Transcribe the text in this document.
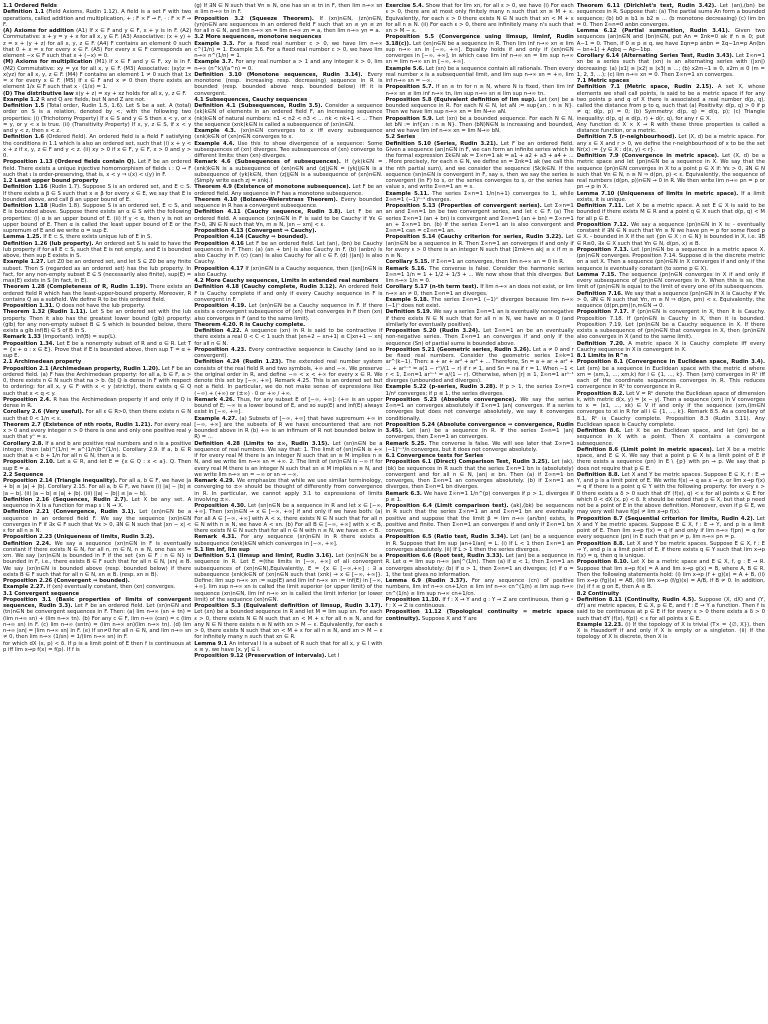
1.1 Ordered fields

Definition 1.1 (Field Axioms, Rudin 1.12). A field is a set F with two operations, called addition and multiplication, + : F × F → F, · : F × F → F.

(A) Axioms for addition (A1) If x ∈ F and y ∈ F, x + y is in F. (A2) Commutative: x + y = y + x for all x, y ∈ F. (A3) Associative: (x + y) + z = x + (y + z) for all x, y, z ∈ F. (A4) F contains an element 0 such that 0 + x = x for every x ∈ F. (A5) For every x ∈ F corresponds an element −x ∈ F such that x + (−x) = 0.

(M) Axioms for multiplication (M1) If x ∈ F and y ∈ F, xy is in F. (M2) Commutative: xy = yx for all x, y ∈ F. (M3) Associative: (xy)z = x(yz) for all x, y, z ∈ F. (M4) F contains an element 1 ≠ 0 such that 1x = x for every x ∈ F. (M5) If x ∈ F and x ≠ 0 then there exists an element 1/x ∈ F such that x · (1/x) = 1.

(D) The distributive law x(y + z) = xy + xz holds for all x, y, z ∈ F.

Example 1.2 R and Q are fields, but N and Z are not.

Definition 1.5 (Total order, Rudin 1.5, 1.6). Let S be a set. A (total) order on S is a relation, denoted by <, with the following two properties: (i) (Trichotomy Property) If x ∈ S and y ∈ S then x < y, or x = y, or y < x is true. (ii) (Transitivity Property) If x, y, z ∈ S, if x < y and y < z, then x < z.

Definition 1.6 (Ordered field). An ordered field is a field F satisfying the conditions in 1.1 which is also an ordered set, such that (i) x + y < x + z if x, y, z ∈ F and y < z. (ii) xy > 0 if x ∈ F, y ∈ F, x > 0 and y > 0.

Proposition 1.13 (Ordered fields contain Q). Let F be an ordered field. There exists a unique injective homomorphism of fields ι : Q → F such that ι is order-preserving, that is, x < y ⇒ ι(x) < ι(y) in F.

1.2 Least upper bound property

Definition 1.16 (Rudin 1.7). Suppose S is an ordered set, and E ⊂ S. If there exists a β ∈ S such that x ≤ β for every x ∈ E, we say that E is bounded above, and call β an upper bound of E.

Definition 1.18 (Rudin 1.8). Suppose S is an ordered set, E ⊂ S, and E is bounded above. Suppose there exists an α ∈ S with the following properties: (i) α is an upper bound of E. (ii) If γ < α, then γ is not an upper bound of E. Then α is called the least upper bound of E or the supremum of E and we write α = sup E.

Lemma 1.25. If E ⊂ S, there exists unique lub of E in S.

Definition 1.26 (lub property). An ordered set S is said to have the lub property if for all E ⊂ S, such that E is not empty, and E is bounded above, then sup E exists in S.

Example 1.27. Let Z0 be an ordered set, and let S ⊆ Z0 be any finite subset. Then S (regarded as an ordered set) has the lub property. In fact, for any non-empty subset E ⊆ S (necessarily also finite), sup(E) = max(E) exists in S (in fact, in E).

Theorem 1.28 (Completeness of R, Rudin 1.19). There exists an ordered field R which has the least-upper-bound property. Moreover, R contains Q as a subfield. We define R to be this ordered field.

Proposition 1.31. Q does not have the lub property.

Theorem 1.32 (Rudin 1.11). Let S be an ordered set with the lub property. Then it also has the greatest lower bound (glb) property: (glb) for any non-empty subset B ⊆ S which is bounded below, there exists a glb inf(B) ∈ S of B in S.

Remark 1.33 (Important). inf(B) = sup(L).

Proposition 1.34. Let E be a nonempty subset of R and α ∈ R. Let T = {x + α : x ∈ E}. Prove that if E is bounded above, then sup T = α + sup E.

2.1 Archimedean property

Proposition 2.1 (Archimedean property, Rudin 1.20). Let F be an ordered field. (a) F has the Archimedean property: for all a, b ∈ F, a > 0, there exists n ∈ N such that na > b. (b) Q is dense in F with respect to ordering: for all x, y ∈ F with x < y (strictly), there exists q ∈ Q such that x < q < y.

Proposition 2.4. R has the Archimedean property if and only if Q is dense in R.

Corollary 2.6 (Very useful). For all ε ∈ R>0, then there exists n ∈ N such that 0 < 1/n < ε.

Theorem 2.7 (Existence of nth roots, Rudin 1.21). For every real x > 0 and every integer n > 0 there is one and only one positive real y such that yⁿ = x.

Corollary 2.8. If a and b are positive real numbers and n is a positive integer, then (ab)^(1/n) = a^(1/n)b^(1/n). Corollary 2.9. If a, b ∈ R such that a < b + 1/n for all n ∈ N, then a ≤ b.

Proposition 2.10. Let a ∈ R, and let E = {x ∈ Q : x < a}. Q. Then sup E = a.

2.2 Sequence

Proposition 2.14 (Triangle inequality). For all a, b ∈ F, we have |a + b| ≤ |a| + |b|. Corollary 2.15. For all a, b ∈ F, we have (i) |a| − |b| ≤ |a − b|. (ii) |a − b| ≤ |a| + |b|. (iii) ||a| − |b|| ≤ |a − b|.

Definition 2.16 (Sequences, Rudin 2.7). Let X be any set. A sequence in X is a function for map s : N → X.

Definition 2.21 (Convergence, Rudin 3.1). Let (xn)n∈N be a sequence in an ordered field F. We say the sequence (xn)n∈N converges in F if ∃x ∈ F such that ∀ε > 0, ∃N ∈ N such that |xn − x| < ε for all n ≥ N.

Proposition 2.23 (Uniqueness of limits, Rudin 3.2).

Definition 2.24. We say a sequence (xn)n∈N in F is eventually constant if there exists N ∈ N, for all n, m ∈ N, n ≥ N, one has xn = xm. We say (xn)n∈N is bounded in F if the set {xn ∈ F : n ∈ N} is bounded in F, i.e., there exists B ∈ F such that for all n ∈ N, |xn| ≤ B. We say (xn)n∈N is bounded above (resp. bounded below) if there exists B ∈ F such that for all n ∈ N, xn ≤ B. (resp. xn ≥ B).

Proposition 2.26 (Convergent ⇒ bounded).

Example 2.27. If (xn) eventually constant, then (xn) converges.

3.1 Convergent sequence

Proposition 3.1 (Basic properties of limits of convergent sequences, Rudin 3.3). Let F be an ordered field. Let (sn)n∈N and (tn)n∈N be convergent sequences in F. Then: (a) lim n→∞ (sn + tn) = (lim n→∞ sn) + (lim n→∞ tn). (b) For any c ∈ F, lim n→∞ (csn) = c (lim n→∞ sn) in F. (c) lim n→∞ (sntn) = (lim n→∞ sn)(lim n→∞ tn). (d) lim n→∞ |sn| = |lim n→∞ sn| in F. (e) If sn≠0 for all n ∈ N, and lim n→∞ sn ≠ 0, then lim n→∞ (1/sn) = 1/(lim n→∞ sn) in F.

for which dX (x, p) < δ. If p is a limit point of E then f is continuous at p iff lim x→p f(x) = f(p). If f is

(g) If ∃N ∈ N such that ∀n ≥ N, one has sn ≤ tn in F, then lim n→∞ sn ≤ lim n→∞ tn in F.

Proposition 3.2 (Squeeze Theorem). If (xn)n∈N, (zn)n∈N, (yn)n∈N are sequences in an ordered field F such that xn ≤ yn ≤ zn for all n ∈ N, and lim n→∞ xn = lim n→∞ zn = a, then lim n→∞ yn = a.

3.2 More sequences, monotone sequences

Example 3.3. For a fixed real number c > 0, we have lim n→∞ c^(1/n) = 1. Example 3.6. For a fixed real number c > 0, we have lim n→∞ n^(1/n) = 1.

Example 3.7. For any real number a > 1 and any integer k > 0, lim n→∞ (n^k)/(a^n) = 0.

Definition 3.10 (Monotone sequences, Rudin 3.14). Every monotone (resp. increasing resp. decreasing) sequence in R is bounded (resp. bounded above resp. bounded below) iff it is convergent.

4.1 Subsequences, Cauchy sequences

Definition 4.1 (Subsequences, Rudin 3.5). Consider a sequence (xk)k∈N of elements in an ordered field F, an increasing sequence (nk)k∈N of natural numbers: n1 < n2 < n3 < ... nk < nk+1 < ... Then the sequence (xnk)k∈N is called a subsequence of (xn)n∈N.

Example 4.3. (xn)n∈N converges to x iff every subsequence (xnk)k∈N of (xn)n∈N converges to x.

Example 4.4. Use this to show divergence of a sequence: Some subsequences of (xn) diverges. Two subsequences of (xn) converge to different limits: then (xn) diverges.

Remark 4.6 (Subsequences of subsequences). If (yk)k∈N = (xnk)k∈N is a subsequence of (xn)n∈N and (zj)j∈N = (ykj)j∈N is a subsequence of (yk)k∈N, then (zj)j∈N is a subsequence of (xn)n∈N. (Simply write each zj = xnkj.)

Theorem 4.9 (Existence of monotone subsequence). Let F be an ordered field. Any sequence in F has a monotone subsequence.

Theorem 4.10 (Bolzano-Weierstrass Theorem). Every bounded sequence in R has a convergent subsequence.

Definition 4.11 (Cauchy sequence, Rudin 3.8). Let F be an ordered field. A sequence (xn)n∈N in F is said to be Cauchy if ∀ε ∈ F>0, ∃N ∈ N such that ∀n, m ≥ N, |xn − xm| < ε.

Proposition 4.13 (Convergent ⇒ Cauchy).

Proposition 4.14 (Cauchy ⇒ bounded).

Proposition 4.16 Let F be an ordered field. Let (an), (bn) be Cauchy sequences in F. Then: (a) (an + bn) is also Cauchy in F. (b) (anbn) is also Cauchy in F. (c) (can) is also Cauchy for all c ∈ F. (d) (|an|) is also Cauchy.

Proposition 4.17 If (xn)n∈N is a Cauchy sequence, then (|xn|)n∈N is also Cauchy.

4.2 More Cauchy sequences, Limits in extended real numbers

Definition 4.18 (Cauchy complete, Rudin 3.12). An ordered field F is Cauchy complete if and only if every Cauchy sequence in F is convergent in F.

Proposition 4.19. Let (xn)n∈N be a Cauchy sequence in F. If there exists a convergent subsequence of (xn) that converges in F then (xn) also converges in F (and to the same limit).

Theorem 4.20. R is Cauchy complete.

Definition 4.22. A sequence (xn) in R is said to be contractive if there exists a real 0 < C < 1 such that |xn+2 − xn+1| ≤ C|xn+1 − xn| for all n ∈ N.

Proposition 4.23. Every contractive sequence is Cauchy (and so is convergent).

Definition 4.24 (Rudin 1.23). The extended real number system consists of the real field R and two symbols, +∞ and −∞. We preserve the original order in R, and define −∞ < x < +∞ for every x ∈ R. We denote this set by [−∞, +∞]. Remark 4.25. This is an ordered set but not a field. In particular, we do not make sense of expressions like (−∞) + (+∞) or (±∞) · 0 or +∞ / +∞.

Remark 4.26. Thus, for any subset E of [−∞, +∞]: (+∞ is an upper bound of E; −∞ is a lower bound of E, and so sup(E) and inf(E) always exist in [−∞, +∞].

Example 4.27. (a) Subsets of [−∞, +∞] that have supremum +∞ in [−∞, +∞] are the subsets of R we have encountered that are not bounded above in R (b) +∞ is an infimum of R not bounded below in R) = ...

Definition 4.28 (Limits to ±∞, Rudin 3.15). Let (sn)n∈N be a sequence of real numbers. We say that: 1. The limit of (sn)n∈N is +∞ if for every real M there is an integer N such that sn ≥ M implies n ≥ N, and we write lim n→∞ sn = +∞. 2. The limit of (sn)n∈N is −∞ if for every real M there is an integer N such that sn ≤ M implies n ≥ N, and we write lim n→∞ sn = −∞ or sn → −∞.

Remark 4.29. We emphasize that while we use similar terminology, converging to ±∞ should be thought of differently from convergence in R. In particular, we cannot apply 3.1 to expressions of limits involving ±∞.

Proposition 4.30. Let (sn)n∈N be a sequence in R and let x ∈ [−∞, +∞]. Then (xn)n∈N → x ∈ [−∞, +∞] if and only if we have both: (a) For all A ∈ [−∞, +∞] with A < x, there exists N ∈ N such that for all n ∈ N with n ≥ N, we have A < xn. (b) For all B ∈ [−∞, +∞] with x < B, there exists N ∈ N such that for all n ∈ N with n ≥ N, we have xn < B.

Remark 4.31. For any sequence (xn)n∈N in R there exists a subsequence (xnk)k∈N which converges in [−∞, +∞].

5.1 lim inf, lim sup

Definition 5.1 (limsup and liminf, Rudin 3.16). Let (xn)n∈N be a sequence in R. Let E =(the limits in [−∞, +∞] of all convergent subsequences of (xn)n∈N),Equivalently, E = {x ∈ [−∞,+∞] : ∃ a subsequence (xnk)k∈N of (xn)n∈N such that (xnk) → x ∈ [−∞, +∞]}. Define: lim sup n→∞ xn := sup(E) and lim inf n→∞ xn := inf(E) in [−∞, +∞]. lim sup n→∞ xn is called the limit superior (or upper limit) of the sequence (xn)n∈N, lim inf n→∞ xn is called the limit inferior (or lower limit) of the sequence (xn)n∈N.

Proposition 5.3 (Equivalent definition of limsup, Rudin 3.17). Let (xn) be a bounded sequence in R and let M = lim sup xn. For each ε > 0, there exists N ∈ N such that xn < M + ε for all n ≥ N, and for any N ∈ N there exists n ≥ N with xn > M − ε. Equivalently, for each ε > 0, there exists N such that xn < M + ε for all n ≥ N, and xn > M − ε for infinitely many n such that xn ∈ R.

Lemma 9.1 An interval I is a subset of R such that for all x, y ∈ I with x ≤ y, we have [x, y] ⊆ I.

Proposition 9.12 (Preservation of intervals). Let I

Exercise 5.4. Show that for lim xn, for all ε > 0, we have (i) For each ε > 0, there are at most only finitely many n such that xn ≥ M + ε. Equivalently, for each ε > 0 there exists N ∈ N such that xn < M + ε for all n ≥ N. (ii) For each ε > 0, there are infinitely many n's such that xn > M − ε.

Proposition 5.5 (Convergence using limsup, liminf, Rudin 3.18(c)). Let (xn)n∈N be a sequence in R. Then lim inf n→∞ xn ≤ lim sup n→∞ xn in [−∞, +∞]. Equality holds if and only if (xn)n∈N converges in [−∞, +∞], in which case lim inf n→∞ xn = lim sup n→∞ xn = lim n→∞ xn in [−∞, +∞].

Example 5.6. Let (sn) be a sequence contain all rationals. Then every real number x is a subsequential limit, and lim sup n→∞ sn = +∞, lim inf n→∞ sn = −∞.

Proposition 5.7. If sn ≤ tn for n ≥ N, where N is fixed, then lim inf n→∞ sn ≤ lim inf n→∞ tn, lim sup n→∞ sn ≤ lim sup n→∞ tn.

Proposition 5.8 (Equivalent definition of lim sup). Let (xn) be a bounded sequence in R. For each N ∈ N, let aN := sup{xn : n ≥ N}. Then we have lim sup n→∞ xn = lim N→∞ aN.

Proposition 5.9. Let (xn) be a bounded sequence. For each N ∈ N, let bN := inf{xn : n ≥ N}. Then (bN)N∈N is increasing and bounded, and we have lim inf n→∞ xn = lim N→∞ bN.

5.2 Series

Definition 5.10 (Series, Rudin 3.21). Let F be an ordered field. Given a sequence (an)n∈N in F, we can form an infinite series which is the formal expression Σk∈N ak = Σ∞n=1 ak = a1 + a2 + a3 + a4 + ... . More precisely, for each n ∈ N, we define sn = Σnk=1 ak (we call this the nth partial sum), and we consider the sequence (Sk)k∈N. If the sequence (sn)n∈N is convergent in F, say s, then we say the series is convergent (in F) to s, or the series converges to s, or the series has value s, and write Σ∞n=1 an = s.

Example 5.11. The series Σ∞n=1 1/n(n+1) converges to 1, while Σ∞n=1 (−1)ⁿ⁻¹ diverges.

Proposition 5.13 (Properties of convergent series). Let Σ∞n=1 an and Σ∞n=1 bn be two convergent series, and let c ∈ F. (a) The series Σ∞n=1 (an + bn) is convergent and Σ∞n=1 (an + bn) = Σ∞n=1 an + Σ∞n=1 bn. (b) If the series Σ∞n=1 an is also convergent and Σ∞n=1 can = cΣ∞n=1 an.

Proposition 5.14 (Cauchy criterion for series, Rudin 3.22). Let (an)n∈N be a sequence in R. Then Σ∞n=1 an converges if and only if for every ε > 0 there is an integer N such that |Σmk=n ak| ≤ ε if m ≥ n ≥ N.

Corollary 5.15. If Σ∞n=1 an converges, then lim n→∞ an = 0 in R.

Remark 5.16. The converse is false. Consider the harmonic series Σ∞n=1 1/n = 1 + 1/2 + 1/3 + ... We now show that this diverges. But lim n→∞ 1/n = 0.

Corollary 5.17 (n-th term test). If lim n→∞ an does not exist, or lim n→∞ an ≠ 0, then Σ∞n=1 an diverges.

Example 5.18. The series Σ∞n=1 (−1)ⁿ diverges because lim n→∞ (−1)ⁿ does not exist.

Definition 5.19. We say a series Σ∞n=1 an is eventually nonnegative if there exists N ∈ N such that for all n ≥ N, we have an ≥ 0 (and similarly for eventually positive).

Proposition 5.20 (Rudin 3.24). Let Σ∞n=1 an be an eventually non-negative series. Then Σ∞n=1 an converges if and only if the sequence (Sn) of partial sums is bounded above.

Proposition 5.21 (Geometric series, Rudin 3.26). Let a ≠ 0 and r be fixed real numbers. Consider the geometric series Σ∞k=1 ar^(k−1). Then: a + ar + ar² + ar³ + ... Therefore, Sn = a + ar + ar² + ... + arⁿ⁻¹ = a(1 − rⁿ)/(1 − r) if r ≠ 1, and Sn = na if r = 1. When −1 < r < 1, Σ∞n=1 arⁿ⁻¹ = a/(1 − r). Otherwise, when |r| ≥ 1, Σ∞n=1 arⁿ⁻¹ diverges (unbounded and diverges).

Example 5.22 (p-series, Rudin 3.28). If p > 1, the series Σ∞n=1 1/nᵖ converges; if p ≤ 1, the series diverges.

Proposition 5.23 (Absolute convergence). We say the series Σ∞n=1 an converges absolutely if Σ∞n=1 |an| converges. If a series converges but does not converge absolutely, we say it converges conditionally.

Proposition 5.24 (Absolute convergence ⇒ convergence, Rudin 3.45). Let (an) be a sequence in R. If the series Σ∞n=1 |an| converges, then Σ∞n=1 an converges.

Remark 5.25. The converse is false. We will see later that Σ∞n=1 (−1)ⁿ⁻¹/n converges, but it does not converge absolutely.

6.1 Convergence tests for Series

Proposition 6.1 (Direct) Comparison Test, Rudin 3.25). Let (ak),(bk) be sequences in R such that the series Σ∞n=1 bn is (absolutely) convergent and for all n ∈ N, |an| ≤ bn. Then (a) if Σ∞n=1 bn converges, then Σ∞n=1 an converges absolutely. (b) if Σ∞n=1 an diverges, then Σ∞n=1 bn diverges.

Remark 6.3. We have Σ∞n=1 1/n^(p) converges if p > 1, diverges if p ≤ 1.

Proposition 6.4 (Limit comparison test). (ak),(bk) be sequences in R such that the series Σ∞n=1 an and Σ∞n=1 bn are eventually positive and suppose that the limit β = lim n→∞ (an/bn) exists, is positive and finite. Then Σ∞n=1 an converges if and only if Σ∞n=1 bn converges.

Proposition 6.5 (Ratio test, Rudin 3.34). Let (an) be a sequence in R. Suppose that lim sup |an+1/an| = L. (i) If L < 1 then Σ∞n=1 an converges absolutely. (ii) If L > 1 then the series diverges.

Proposition 6.6 (Root test, Rudin 3.33). Let (an) be a sequence in R. Let α = lim sup n→∞ |an|^(1/n). Then (a) if α < 1, then Σ∞n=1 an converges absolutely; (b) if α > 1, then Σ∞n=1 an diverges; (c) if α = 1, the test gives no information.

Lemma 6.9 (Rudin 3.37). For any sequence (cn) of positive numbers, lim inf n→∞ cn+1/cn ≤ lim inf n→∞ cn^(1/n) ≤ lim sup n→∞ cn^(1/n) ≤ lim sup n→∞ cn+1/cn.

Proposition 11.10. If f : X → Y and g : Y → Z are continuous, then g ∘ f : X → Z is continuous.

Proposition 11.12 (Topological continuity = metric space continuity). Suppose X and Y are

Theorem 6.11 (Dirichlet's test, Rudin 3.42). Let (an),(bn) be sequences in R. Suppose that: (a) The partial sums An form a bounded sequence; (b) b0 ≥ b1 ≥ b2 ≥ ... (b monotone decreasing) (c) lim bn = 0. Then Σ∞n=0 anbn converges.

Lemma 6.12 (Partial summation, Rudin 3.41). Given two sequences (an)n∈N and (bn)n∈N, put An = Σnk=0 ak if n ≥ 0; put A−1 = 0. Then, if 0 ≤ p ≤ q, we have Σqn=p anbn = Σq−1n=p An(bn − bn+1) + Aqbq − Ap−1bp.

Corollary 6.14 (Alternating Series Test, Rudin 3.43). Let Σ∞n=1 xn be a series such that (xn) is an alternating series with (|xn|) decreasing: (a) |x1| ≥ |x2| ≥ |x3| ≥ ...; (b) x2m−1 ≥ 0, x2m ≤ 0 (m = 1, 2, 3, ...); (c) lim n→∞ xn = 0. Then Σ∞n=1 xn converges.

7.1 Metric spaces

Definition 7.1 (Metric space, Rudin 2.15). A set X, whose elements we shall call points, is said to be a metric space if for any two points p and q of X there is associated a real number d(p, q), called the distance from p to q, such that (a) Positivity: d(p, q) > 0 if p ≠ q; d(p, p) = 0; (b) Symmetry: d(p, q) = d(q, p); (c) Triangle inequality: d(p, q) ≤ d(p, r) + d(r, q), for any r ∈ X.

Any function d: X × X → R with these three properties is called a distance function, or a metric.

Definition 7.5 (r-neighbourhood). Let (X, d) be a metric space. For any x ∈ X and r > 0, we define the r-neighbourhood of x to be the set Nr(x) := {y ∈ X : d(x, y) < r}.

Definition 7.9 (Convergence in metric space). Let (X, d) be a metric space and let (pn)n∈N be a sequence in X. We say that the sequence (pn)n∈N converges in X to a point p ∈ X if: ∀ε > 0, ∃N ∈ N such that ∀n ∈ N, n ≥ N ⇒ d(pn, p) < ε. Equivalently, the sequence of real numbers (d(pn, p))n∈N → 0 in R. We then write lim n→∞ pn = p or pn → p in X.

Lemma 7.10 (Uniqueness of limits in metric space). If a limit exists, it is unique.

Definition 7.11. Let X be a metric space. A set E ⊆ X is said to be bounded if there exists M ∈ R and a point q ∈ X such that d(p, q) < M for all p ∈ E.

Proposition 7.12. We say a sequence (pn)n∈N in X is: - eventually constant if ∃N ∈ N such that ∀n ≥ N we have pn = p for some fixed p ∈ X. - bounded in X if the set {pn ∈ X : n ∈ N} is bounded in X, i.e. ∃B ∈ R≥0, ∃x ∈ X such that ∀n ∈ N, d(pn, x) ≤ B.

Proposition 7.13. Let (pn)n∈N be a sequence in a metric space X. (pn)n∈N converges. Proposition 7.14. Suppose d is the discrete metric on a set X. Then a sequence (pn)n∈N in X converges if and only if the sequence is eventually constant (to some p ∈ X).

Lemma 7.15. The sequence (pn)n∈N converges in X if and only if every subsequence of (pn)n∈N converges in X. When this is so, the limit of (pn)n∈N is equal to the limit of every one of its subsequences.

Definition 7.16. We say that a sequence (pn)n∈N in X is Cauchy if ∀ε > 0, ∃N ∈ N such that ∀n, m ≥ N ⇒ d(pn, pm) < ε. Equivalently, the sequence (d(pn,pm))n,m∈N → 0.

Proposition 7.17. If (pn)n∈N is convergent in X, then it is Cauchy. Proposition 7.18. If (pn)n∈N is Cauchy in X, then it is bounded. Proposition 7.19. Let (pn)n∈N be a Cauchy sequence in X. If there exists a subsequence of (pn)n∈N that converges in X, then (pn)n∈N also converges in X (and to the same limit).

Definition 7.20. A metric space X is Cauchy complete iff every Cauchy sequence in X is convergent in X.

8.1 Limits in R^n

Proposition 8.1 (Convergence in Euclidean space, Rudin 3.4). Let (xm) be a sequence in Euclidean space with the metric d where xm = (xm,1, ..., xm,k) for i ∈ {1, ..., k}. Then (xm) converges in Rᵏ iff each of the coordinate sequences converges in R. This reduces convergence in Rᵏ to convergence in R.

Proposition 8.2. Let V = Rᵏ denote the Euclidean space of dimension k, with metric d(x, y) = |x − y|. Then a sequence (xm) in V converges to x = (x1, ..., xk) ∈ V if and only if the sequence (xm,i)m∈N converges to xi in R for all i ∈ {1, ..., k}. Remark 8.5. As a corollary of 8.1, Rᵏ is Cauchy complete. Proposition 8.3 (Rudin 3.11). Any Euclidean space is Cauchy complete.

Definition 8.6. Let X be an Euclidean space, and let (pn) be a sequence in X with a point. Then X contains a convergent subsequence.

Definition 8.6 (Limit point in metric spaces). Let X be a metric space, and E ⊆ X. We say that a point p ∈ X is a limit point of E if there exists a sequence (pn) in E \ {p} with pn → p. We say that p does not require that p ∈ E.

Definition 8.8. Let X and Y be metric spaces. Suppose E ⊆ X, f : E → Y, and p is a limit point of E. We write f(x) → q as x → p, or lim x→p f(x) = q if there is a point q ∈ Y with the following property: for every ε > 0 there exists a δ > 0 such that dY (f(x), q) < ε for all points x ∈ E for which 0 < dX (x, p) < δ. It should be noted that p ∈ X, but that p need not be a point of E in the above definition. Moreover, even if p ∈ E, we may very well have f(p) ≠ lim x→p f(x).

Proposition 8.7 (Sequential criterion for limits, Rudin 4.2). Let X and Y be metric spaces. Suppose E ⊆ X, f : E → Y, and p is a limit point of E. Then lim x→p f(x) = q if and only if lim n→∞ f(pn) = q for every sequence (pn) in E such that pn ≠ p, lim n→∞ pn = p.

Proposition 8.8. Let X and Y be metric spaces. Suppose E ⊆ X, f : E → Y, and p is a limit point of E. If there exists q ∈ Y such that lim x→p f(x) = q, then q is unique.

Proposition 8.10. Let X be a metric space and E ⊆ X, f, g : E → R. Suppose that lim x→p f(x) = A and lim x→p g(x) = B, where A, B ∈ R. Then the following statements hold: (i) lim x→p (f + g)(x) = A + B, (ii) lim x→p (fg)(x) = AB, (iii) lim x→p (f/g)(x) = A/B, if B ≠ 0. In addition, (iv) if f ≤ g on E, then A ≤ B.

8.2 Continuity

Definition 8.11 (Continuity, Rudin 4.5). Suppose (X, dX) and (Y, dY) are metric spaces, E ⊆ X, p ∈ E, and f : E → Y a function. Then f is said to be continuous at p ∈ E if for every ε > 0 there exists a δ > 0 such that dY (f(x), f(p)) < ε for all points x ∈ E.

Example 12.23. (i) If the topology of X is trivial (T× = {∅, X}), then X is Hausdorff if and only if X is empty or a singleton. (ii) If the topology of X is discrete, then X is
